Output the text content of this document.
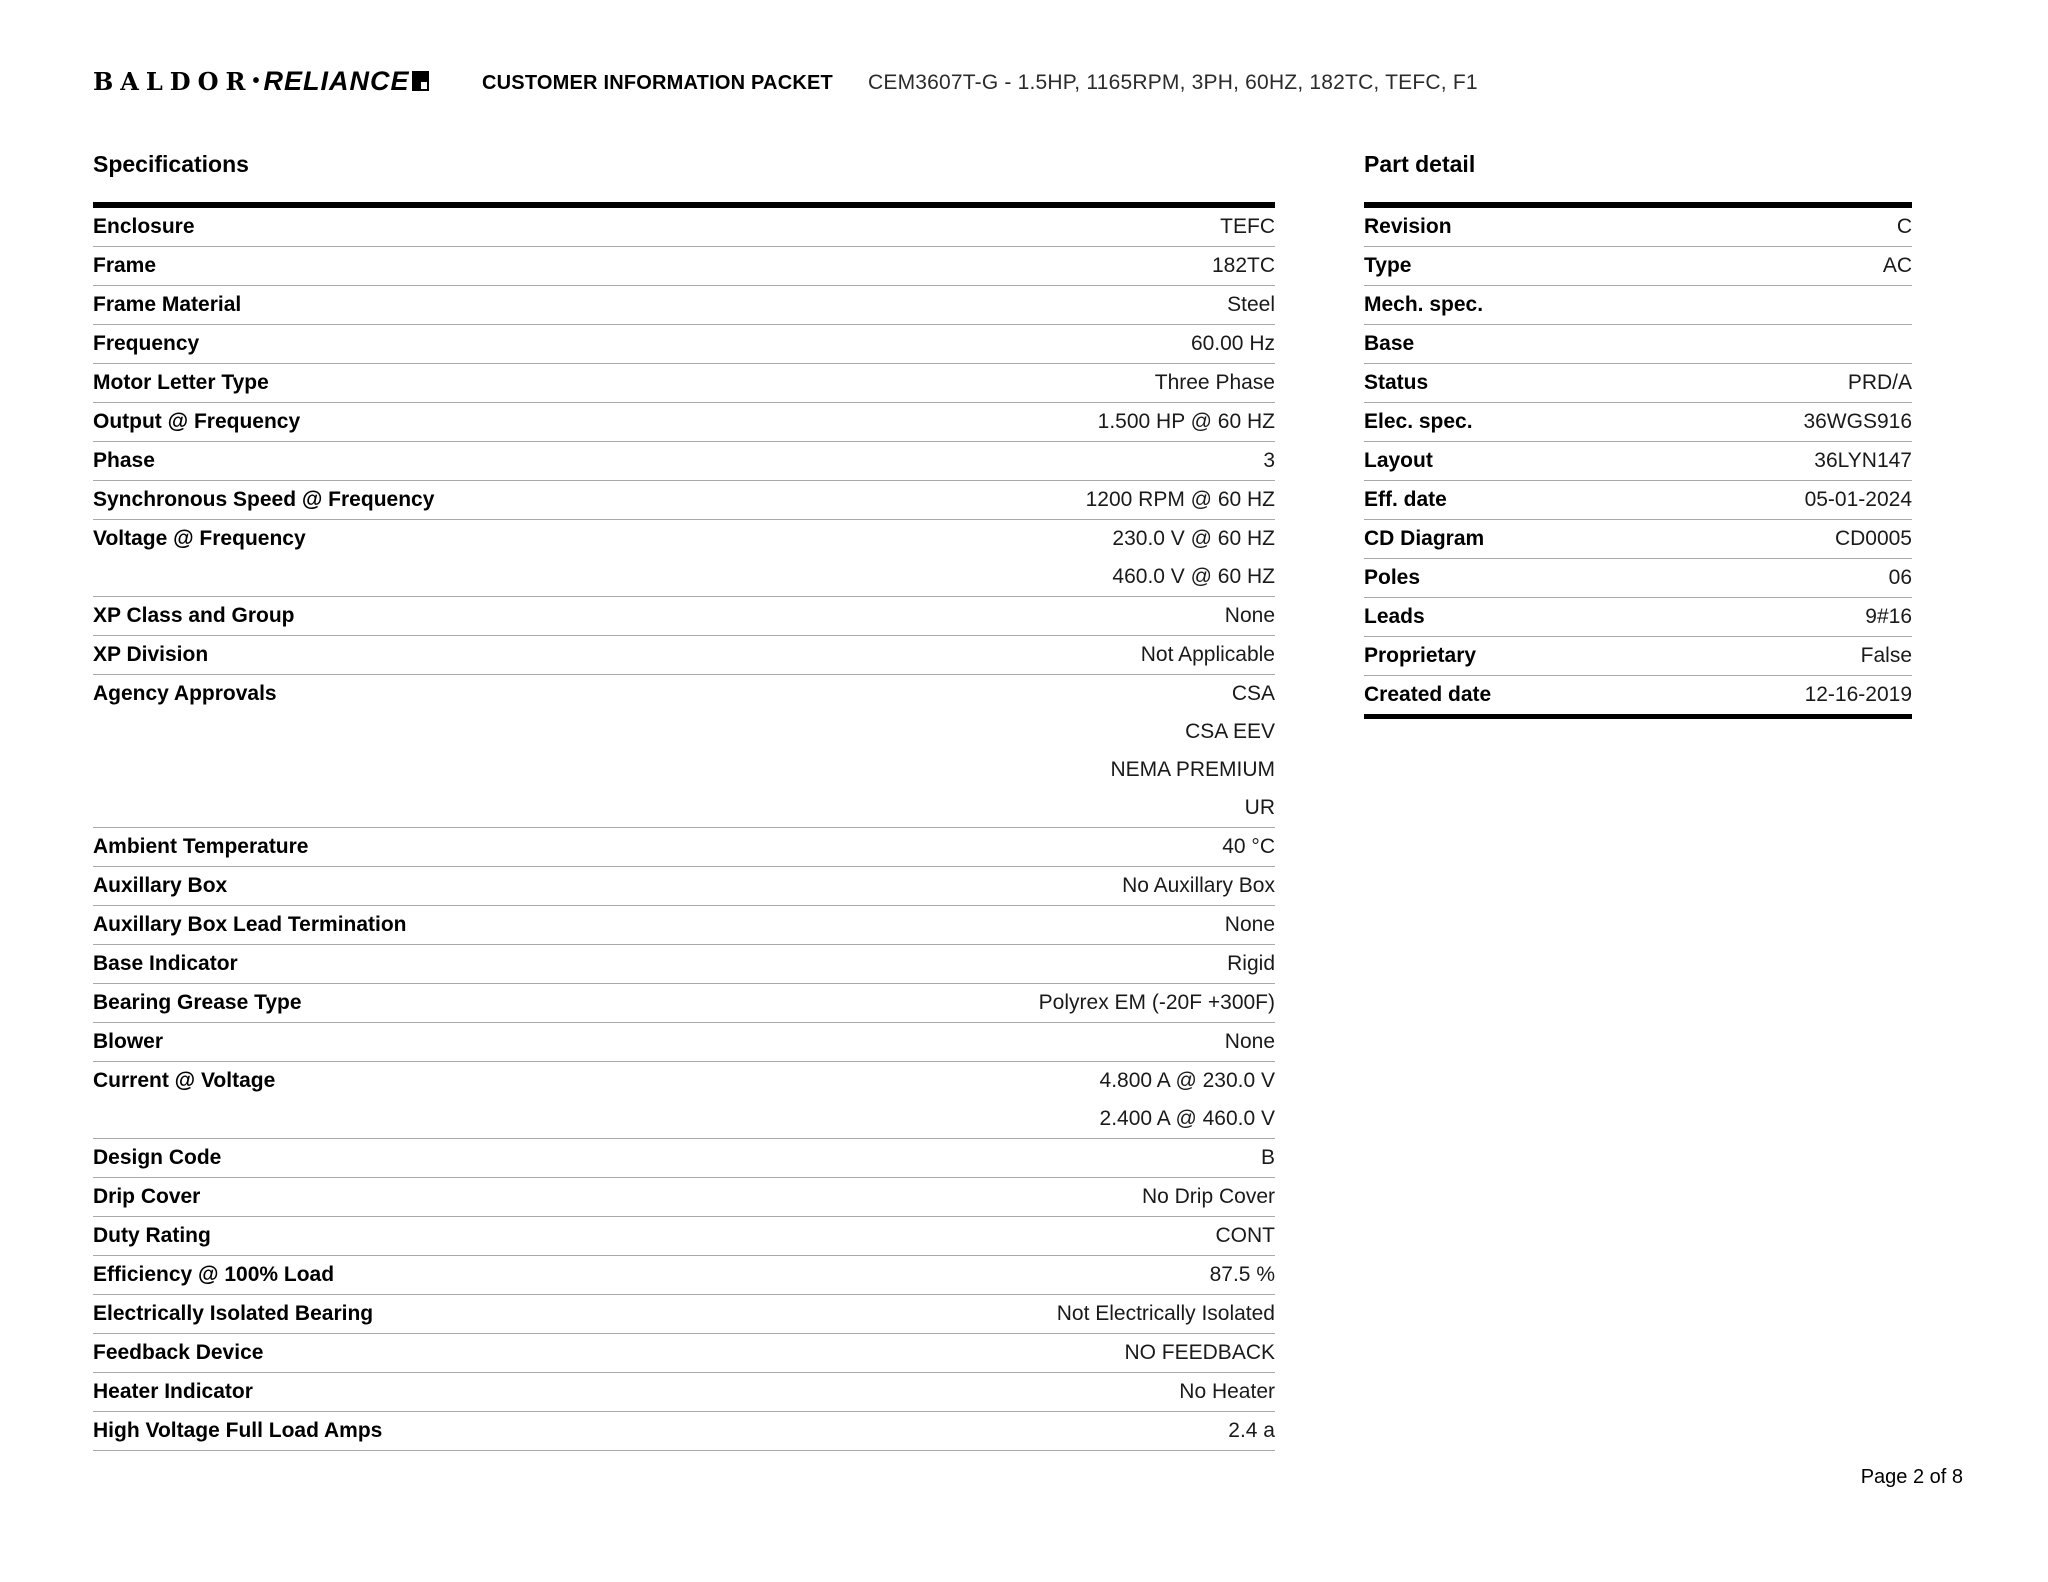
BALDOR • RELIANCE	CUSTOMER INFORMATION PACKET CEM3607T-G - 1.5HP, 1165RPM, 3PH, 60HZ, 182TC, TEFC, F1
Specifications
Enclosure	TEFC
Frame	182TC
Frame Material	Steel
Frequency	60.00 Hz
Motor Letter Type	Three Phase
Output @ Frequency	1.500 HP @ 60 HZ
Phase	3
Synchronous Speed @ Frequency	1200 RPM @ 60 HZ
Voltage @ Frequency	230.0 V @ 60 HZ
460.0 V @ 60 HZ
XP Class and Group	None
XP Division	Not Applicable
Agency Approvals	CSA
CSA EEV
NEMA PREMIUM
UR
Ambient Temperature	40 °C
Auxillary Box	No Auxillary Box
Auxillary Box Lead Termination	None
Base Indicator	Rigid
Bearing Grease Type	Polyrex EM (-20F +300F)
Blower	None
Current @ Voltage	4.800 A @ 230.0 V
2.400 A @ 460.0 V
Design Code	B
Drip Cover	No Drip Cover
Duty Rating	CONT
Efficiency @ 100% Load	87.5 %
Electrically Isolated Bearing	Not Electrically Isolated
Feedback Device	NO FEEDBACK
Heater Indicator	No Heater
High Voltage Full Load Amps	2.4 a
Part detail
Revision	C
Type	AC
Mech. spec.
Base
Status	PRD/A
Elec. spec.	36WGS916
Layout	36LYN147
Eff. date	05-01-2024
CD Diagram	CD0005
Poles	06
Leads	9#16
Proprietary	False
Created date	12-16-2019
Page 2 of 8
